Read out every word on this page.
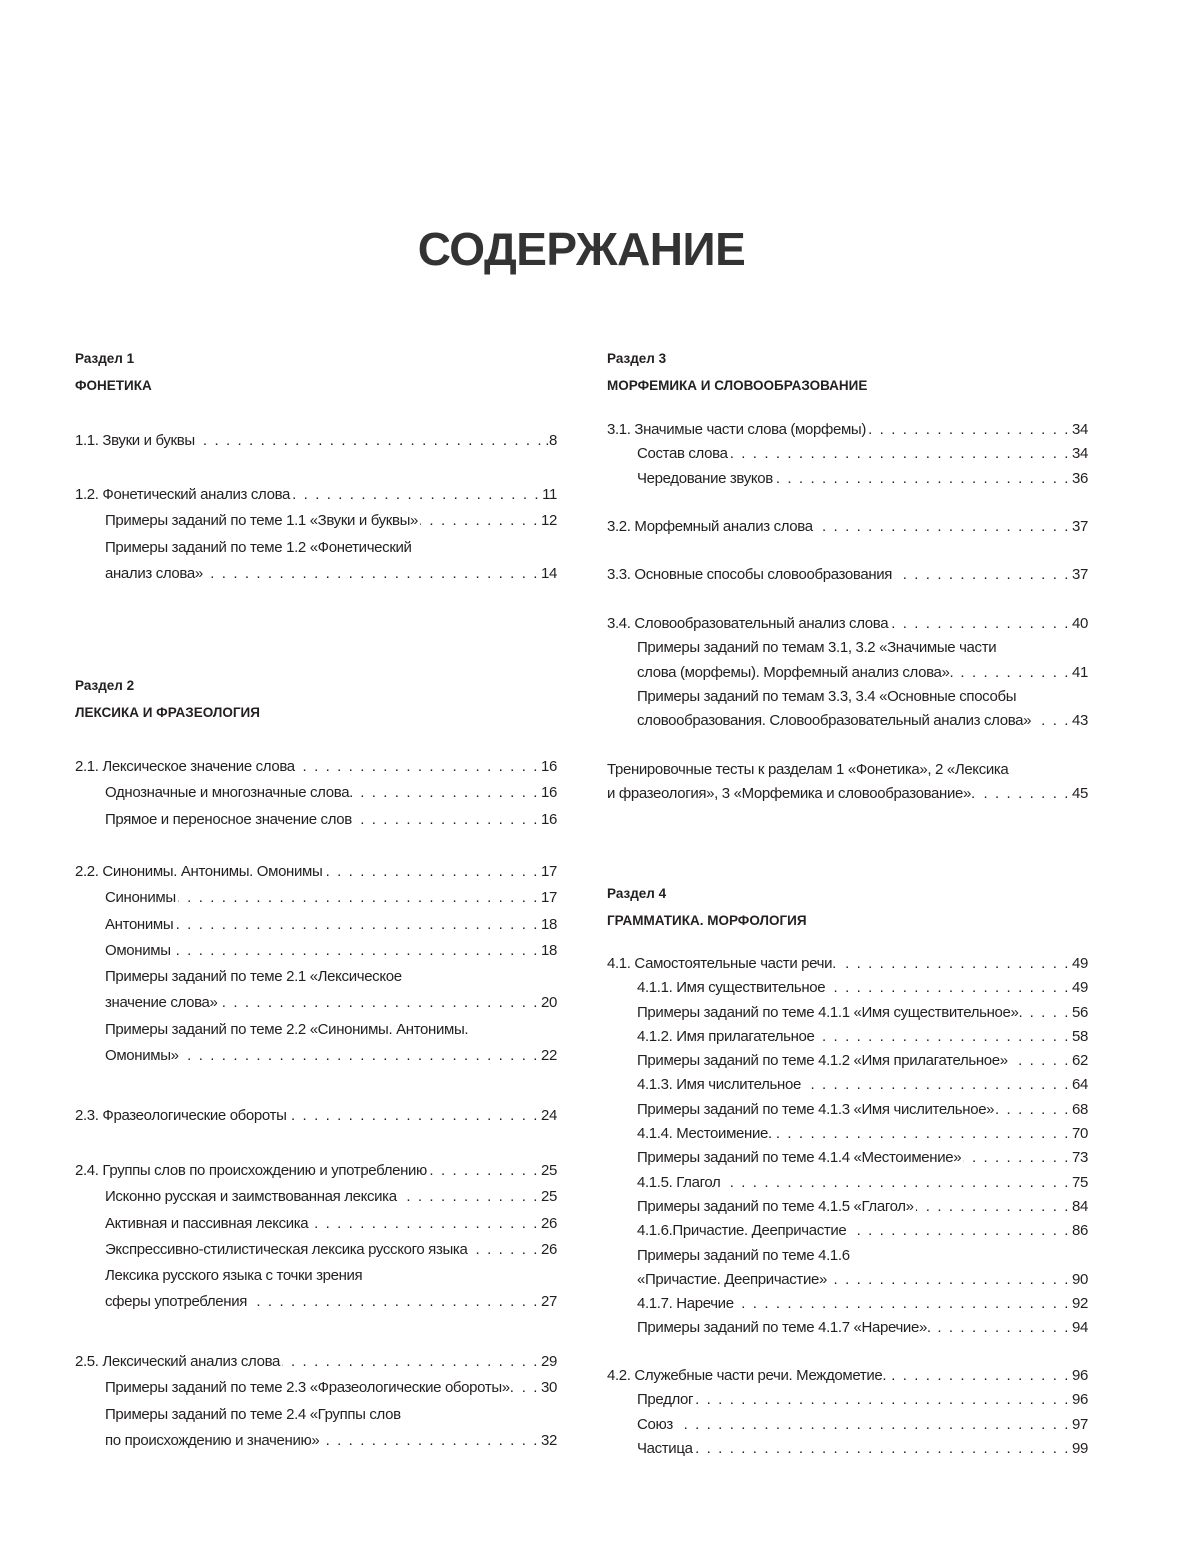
СОДЕРЖАНИЕ
Раздел 1
ФОНЕТИКА
1.1. Звуки и буквы . . .	.8
1.2. Фонетический анализ слова . . .	11
Примеры заданий по теме 1.1 «Звуки и буквы» . . .	12
Примеры заданий по теме 1.2 «Фонетический
анализ слова» . . .	14
Раздел 2
ЛЕКСИКА И ФРАЗЕОЛОГИЯ
2.1. Лексическое значение слова . . .	16
Однозначные и многозначные слова. . . .	16
Прямое и переносное значение слов . . .	16
2.2. Синонимы. Антонимы. Омонимы . . .	17
Синонимы . . .	17
Антонимы . . .	18
Омонимы . . .	18
Примеры заданий по теме 2.1 «Лексическое
значение слова» . . .	20
Примеры заданий по теме 2.2 «Синонимы. Антонимы.
Омонимы» . . .	22
2.3. Фразеологические обороты . . .	24
2.4. Группы слов по происхождению и употреблению . . .	25
Исконно русская и заимствованная лексика . . .	25
Активная и пассивная лексика . . .	26
Экспрессивно-стилистическая лексика русского языка . . .	26
Лексика русского языка с точки зрения
сферы употребления . . .	27
2.5. Лексический анализ слова . . .	29
Примеры заданий по теме 2.3 «Фразеологические обороты». . . . 30
Примеры заданий по теме 2.4 «Группы слов
по происхождению и значению» . . .	32
Раздел 3
МОРФЕМИКА И СЛОВООБРАЗОВАНИЕ
3.1. Значимые части слова (морфемы) . . .	34
Состав слова . . .	34
Чередование звуков . . .	36
3.2. Морфемный анализ слова . . .	37
3.3. Основные способы словообразования . . .	37
3.4. Словообразовательный анализ слова . . .	40
Примеры заданий по темам 3.1, 3.2 «Значимые части
слова (морфемы). Морфемный анализ слова». . . .	41
Примеры заданий по темам 3.3, 3.4 «Основные способы
словообразования. Словообразовательный анализ слова» . . .	43
Тренировочные тесты к разделам 1 «Фонетика», 2 «Лексика
и фразеология», 3 «Морфемика и словообразование». . . .	45
Раздел 4
ГРАММАТИКА. МОРФОЛОГИЯ
4.1. Самостоятельные части речи. . . .	49
4.1.1. Имя существительное . . .	49
Примеры заданий по теме 4.1.1 «Имя существительное». . . .	56
4.1.2. Имя прилагательное . . .	58
Примеры заданий по теме 4.1.2 «Имя прилагательное» . . .	62
4.1.3. Имя числительное . . .	64
Примеры заданий по теме 4.1.3 «Имя числительное» . . .	68
4.1.4. Местоимение. . . .	70
Примеры заданий по теме 4.1.4 «Местоимение» . . .	73
4.1.5. Глагол . . .	75
Примеры заданий по теме 4.1.5 «Глагол» . . .	84
4.1.6.Причастие. Деепричастие . . .	86
Примеры заданий по теме 4.1.6
«Причастие. Деепричастие» . . .	90
4.1.7. Наречие . . .	92
Примеры заданий по теме 4.1.7 «Наречие». . . .	94
4.2. Служебные части речи. Междометие. . . .	96
Предлог . . .	96
Союз . . .	97
Частица . . .	99
